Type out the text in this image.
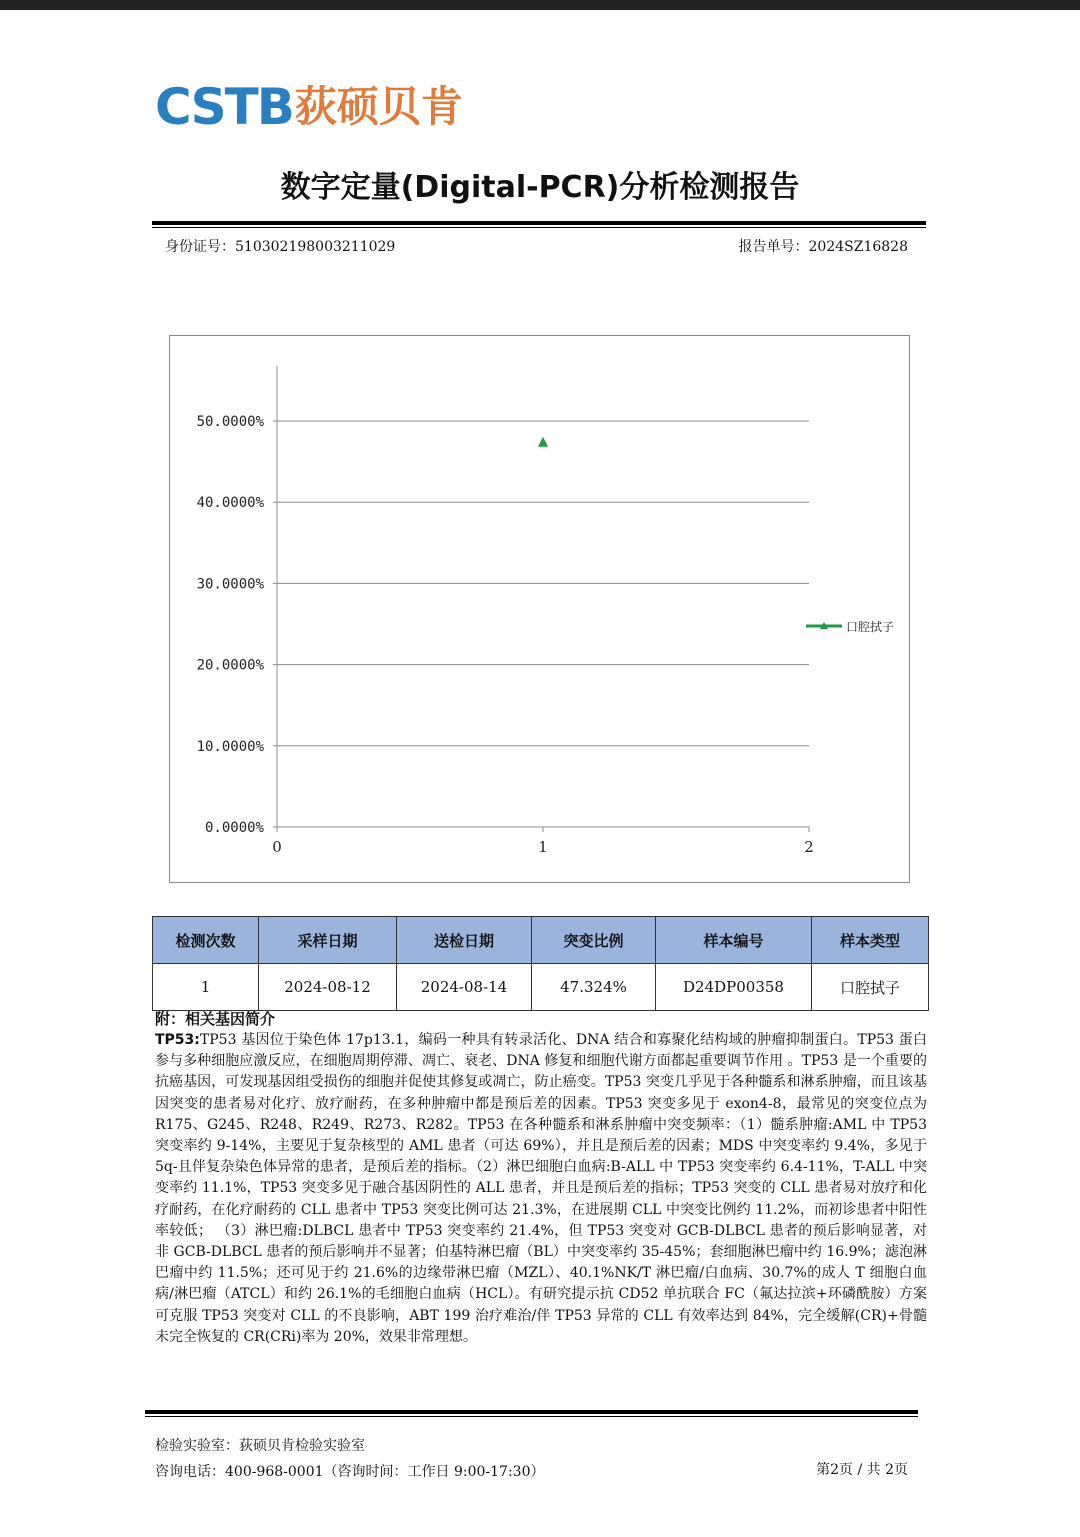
CSTB 荻硕贝肯
数字定量(Digital-PCR)分析检测报告
身份证号：510302198003211029	报告单号：2024SZ16828
0.0000%
10.0000%
20.0000%
30.0000%
40.0000%
50.0000%
0	1	2
口腔拭子
检测次数	采样日期	送检日期	突变比例	样本编号	样本类型
1	2024-08-12	2024-08-14	47.324%	D24DP00358	口腔拭子
附：相关基因简介
TP53:TP53 基因位于染色体 17p13.1，编码一种具有转录活化、DNA 结合和寡聚化结构域的肿瘤抑制蛋白。TP53 蛋白参与多种细胞应激反应，在细胞周期停滞、凋亡、衰老、DNA 修复和细胞代谢方面都起重要调节作用 。TP53 是一个重要的抗癌基因，可发现基因组受损伤的细胞并促使其修复或凋亡，防止癌变。TP53 突变几乎见于各种髓系和淋系肿瘤，而且该基因突变的患者易对化疗、放疗耐药，在多种肿瘤中都是预后差的因素。TP53 突变多见于 exon4-8，最常见的突变位点为 R175、G245、R248、R249、R273、R282。TP53 在各种髓系和淋系肿瘤中突变频率：（1）髓系肿瘤:AML 中 TP53 突变率约 9-14%，主要见于复杂核型的 AML 患者（可达 69%），并且是预后差的因素；MDS 中突变率约 9.4%，多见于 5q-且伴复杂染色体异常的患者，是预后差的指标。（2）淋巴细胞白血病:B-ALL 中 TP53 突变率约 6.4-11%，T-ALL 中突变率约 11.1%，TP53 突变多见于融合基因阴性的 ALL 患者，并且是预后差的指标；TP53 突变的 CLL 患者易对放疗和化疗耐药，在化疗耐药的 CLL 患者中 TP53 突变比例可达 21.3%，在进展期 CLL 中突变比例约 11.2%，而初诊患者中阳性率较低； （3）淋巴瘤:DLBCL 患者中 TP53 突变率约 21.4%，但 TP53 突变对 GCB-DLBCL 患者的预后影响显著，对非 GCB-DLBCL 患者的预后影响并不显著；伯基特淋巴瘤（BL）中突变率约 35-45%；套细胞淋巴瘤中约 16.9%；滤泡淋巴瘤中约 11.5%；还可见于约 21.6%的边缘带淋巴瘤（MZL）、40.1%NK/T 淋巴瘤/白血病、30.7%的成人 T 细胞白血病/淋巴瘤（ATCL）和约 26.1%的毛细胞白血病（HCL）。有研究提示抗 CD52 单抗联合 FC（氟达拉滨+环磷酰胺）方案可克服 TP53 突变对 CLL 的不良影响，ABT 199 治疗难治/伴 TP53 异常的 CLL 有效率达到 84%，完全缓解(CR)+骨髓未完全恢复的 CR(CRi)率为 20%，效果非常理想。
检验实验室：荻硕贝肯检验实验室
咨询电话：400-968-0001（咨询时间：工作日 9:00-17:30）	第2页 / 共 2页
